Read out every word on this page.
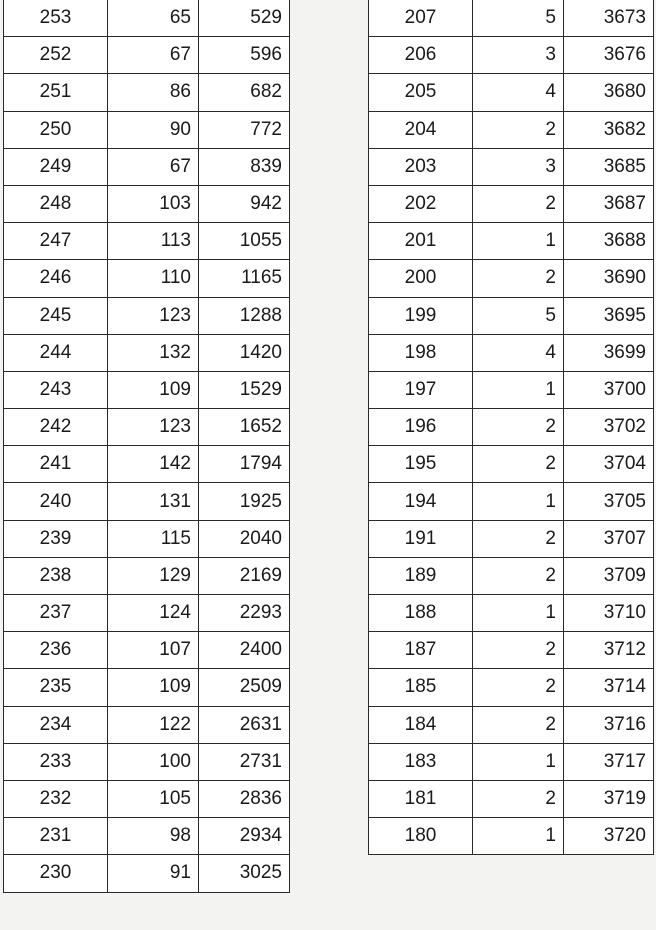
253	65	529
252	67	596
251	86	682
250	90	772
249	67	839
248	103	942
247	113	1055
246	110	1165
245	123	1288
244	132	1420
243	109	1529
242	123	1652
241	142	1794
240	131	1925
239	115	2040
238	129	2169
237	124	2293
236	107	2400
235	109	2509
234	122	2631
233	100	2731
232	105	2836
231	98	2934
230	91	3025
207	5	3673
206	3	3676
205	4	3680
204	2	3682
203	3	3685
202	2	3687
201	1	3688
200	2	3690
199	5	3695
198	4	3699
197	1	3700
196	2	3702
195	2	3704
194	1	3705
191	2	3707
189	2	3709
188	1	3710
187	2	3712
185	2	3714
184	2	3716
183	1	3717
181	2	3719
180	1	3720
